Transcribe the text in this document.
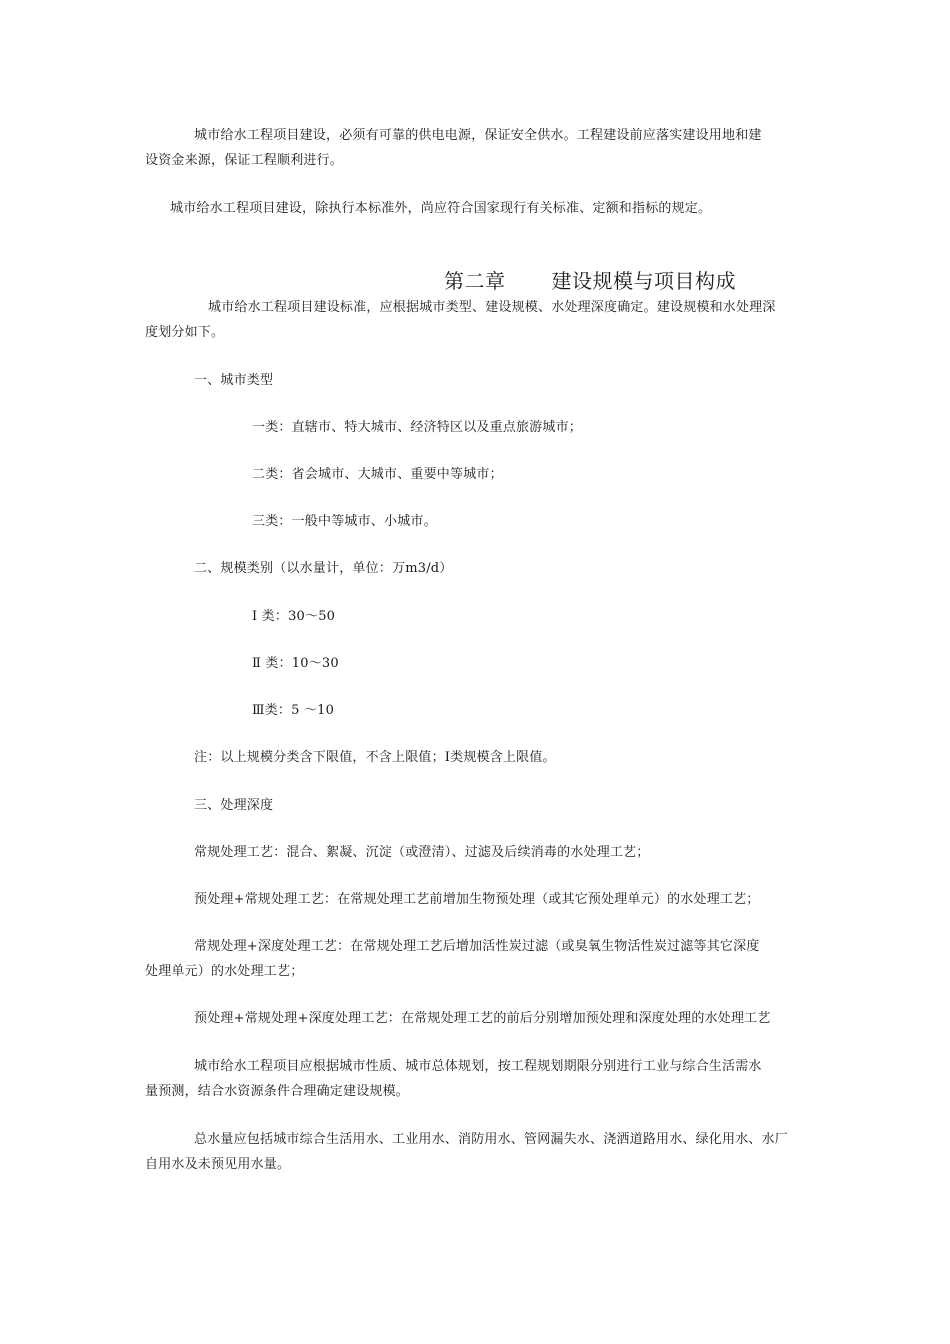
城市给水工程项目建设，必须有可靠的供电电源，保证安全供水。工程建设前应落实建设用地和建
设资金来源，保证工程顺利进行。
城市给水工程项目建设，除执行本标准外，尚应符合国家现行有关标准、定额和指标的规定。
第二章 建设规模与项目构成
城市给水工程项目建设标准，应根据城市类型、建设规模、水处理深度确定。建设规模和水处理深
度划分如下。
一、城市类型
一类：直辖市、特大城市、经济特区以及重点旅游城市；
二类：省会城市、大城市、重要中等城市；
三类：一般中等城市、小城市。
二、规模类别（以水量计，单位：万m3/d）
Ⅰ 类：30～50
Ⅱ 类：10～30
Ⅲ类：5 ～10
注：以上规模分类含下限值，不含上限值；I类规模含上限值。
三、处理深度
常规处理工艺：混合、絮凝、沉淀（或澄清）、过滤及后续消毒的水处理工艺；
预处理+常规处理工艺：在常规处理工艺前增加生物预处理（或其它预处理单元）的水处理工艺；
常规处理+深度处理工艺：在常规处理工艺后增加活性炭过滤（或臭氧生物活性炭过滤等其它深度
处理单元）的水处理工艺；
预处理+常规处理+深度处理工艺：在常规处理工艺的前后分别增加预处理和深度处理的水处理工艺
城市给水工程项目应根据城市性质、城市总体规划，按工程规划期限分别进行工业与综合生活需水
量预测，结合水资源条件合理确定建设规模。
总水量应包括城市综合生活用水、工业用水、消防用水、管网漏失水、浇洒道路用水、绿化用水、水厂
自用水及未预见用水量。
